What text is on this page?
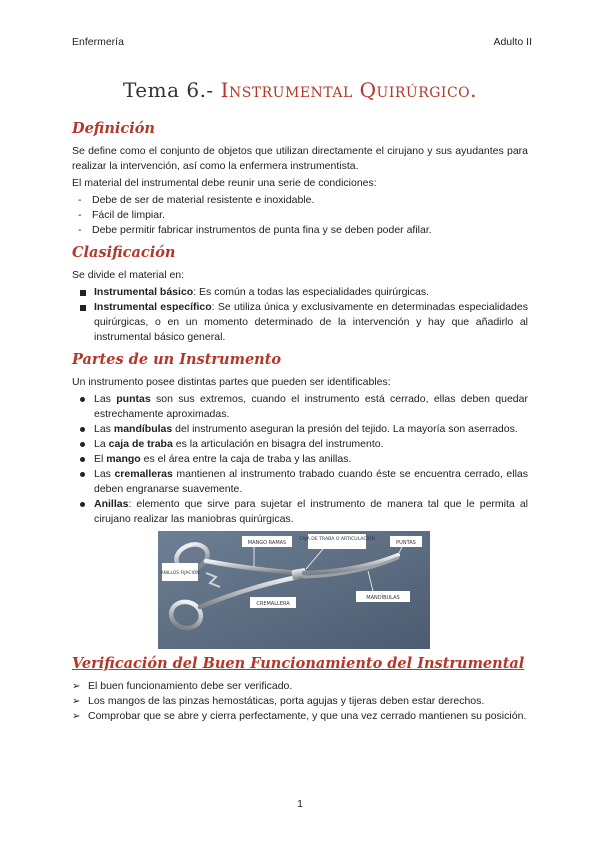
Enfermería	Adulto II
Tema 6.- Instrumental Quirúrgico.
Definición

Se define como el conjunto de objetos que utilizan directamente el cirujano y sus ayudantes para realizar la intervención, así como la enfermera instrumentista.

El material del instrumental debe reunir una serie de condiciones:

- Debe de ser de material resistente e inoxidable.
- Fácil de limpiar.
- Debe permitir fabricar instrumentos de punta fina y se deben poder afilar.
Clasificación

Se divide el material en:

Instrumental básico: Es común a todas las especialidades quirúrgicas.
Instrumental específico: Se utiliza única y exclusivamente en determinadas especialidades quirúrgicas, o en un momento determinado de la intervención y hay que añadirlo al instrumental básico general.
Partes de un Instrumento

Un instrumento posee distintas partes que pueden ser identificables:

Las puntas son sus extremos, cuando el instrumento está cerrado, ellas deben quedar estrechamente aproximadas.
Las mandíbulas del instrumento aseguran la presión del tejido. La mayoría son aserrados.
La caja de traba es la articulación en bisagra del instrumento.
El mango es el área entre la caja de traba y las anillas.
Las cremalleras mantienen al instrumento trabado cuando éste se encuentra cerrado, ellas deben engranarse suavemente.
Anillas: elemento que sirve para sujetar el instrumento de manera tal que le permita al cirujano realizar las maniobras quirúrgicas.
MANGO RAMAS
CAJA DE TRABA O ARTICULACIÓN
PUNTAS
ANILLOS FIJACIÓN
CREMALLERA
MANDÍBULAS
Verificación del Buen Funcionamiento del Instrumental
➢ El buen funcionamiento debe ser verificado.
➢ Los mangos de las pinzas hemostáticas, porta agujas y tijeras deben estar derechos.
➢ Comprobar que se abre y cierra perfectamente, y que una vez cerrado mantienen su posición.
1
